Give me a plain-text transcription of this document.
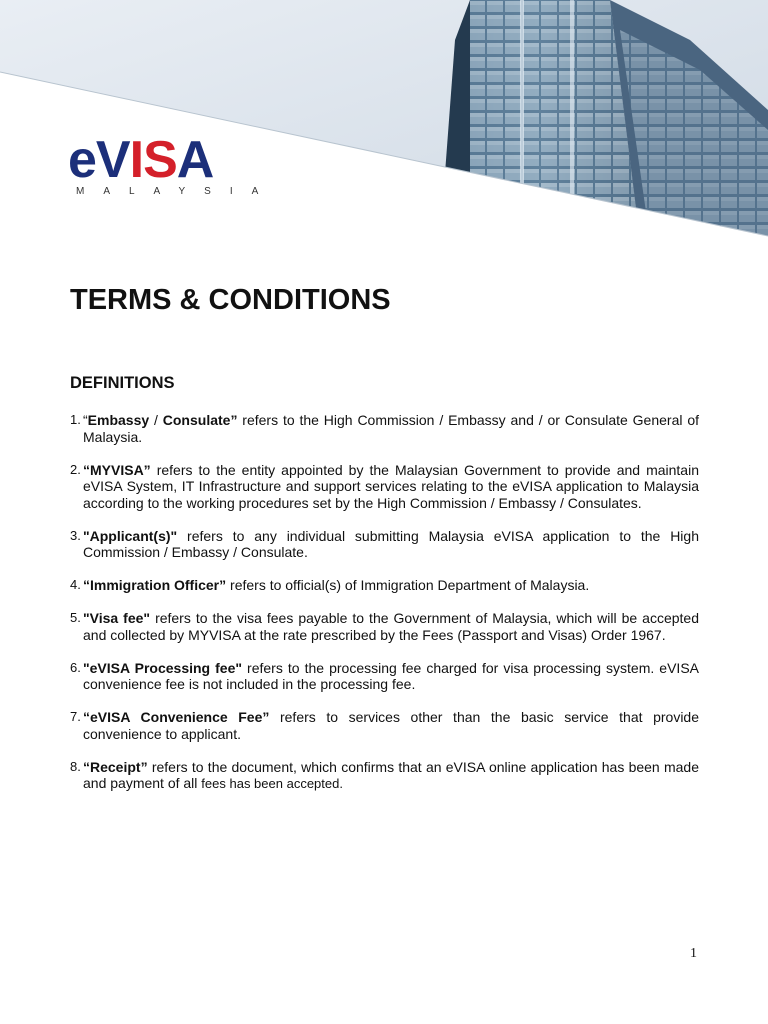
eVISA
MALAYSIA
TERMS & CONDITIONS
DEFINITIONS
1. “Embassy / Consulate” refers to the High Commission / Embassy and / or Consulate General of Malaysia.
2. “MYVISA” refers to the entity appointed by the Malaysian Government to provide and maintain eVISA System, IT Infrastructure and support services relating to the eVISA application to Malaysia according to the working procedures set by the High Commission / Embassy / Consulates.
3. "Applicant(s)" refers to any individual submitting Malaysia eVISA application to the High Commission / Embassy / Consulate.
4. “Immigration Officer” refers to official(s) of Immigration Department of Malaysia.
5. "Visa fee" refers to the visa fees payable to the Government of Malaysia, which will be accepted and collected by MYVISA at the rate prescribed by the Fees (Passport and Visas) Order 1967.
6. "eVISA Processing fee" refers to the processing fee charged for visa processing system. eVISA convenience fee is not included in the processing fee.
7. “eVISA Convenience Fee” refers to services other than the basic service that provide convenience to applicant.
8. “Receipt” refers to the document, which confirms that an eVISA online application has been made and payment of all fees has been accepted.
1
